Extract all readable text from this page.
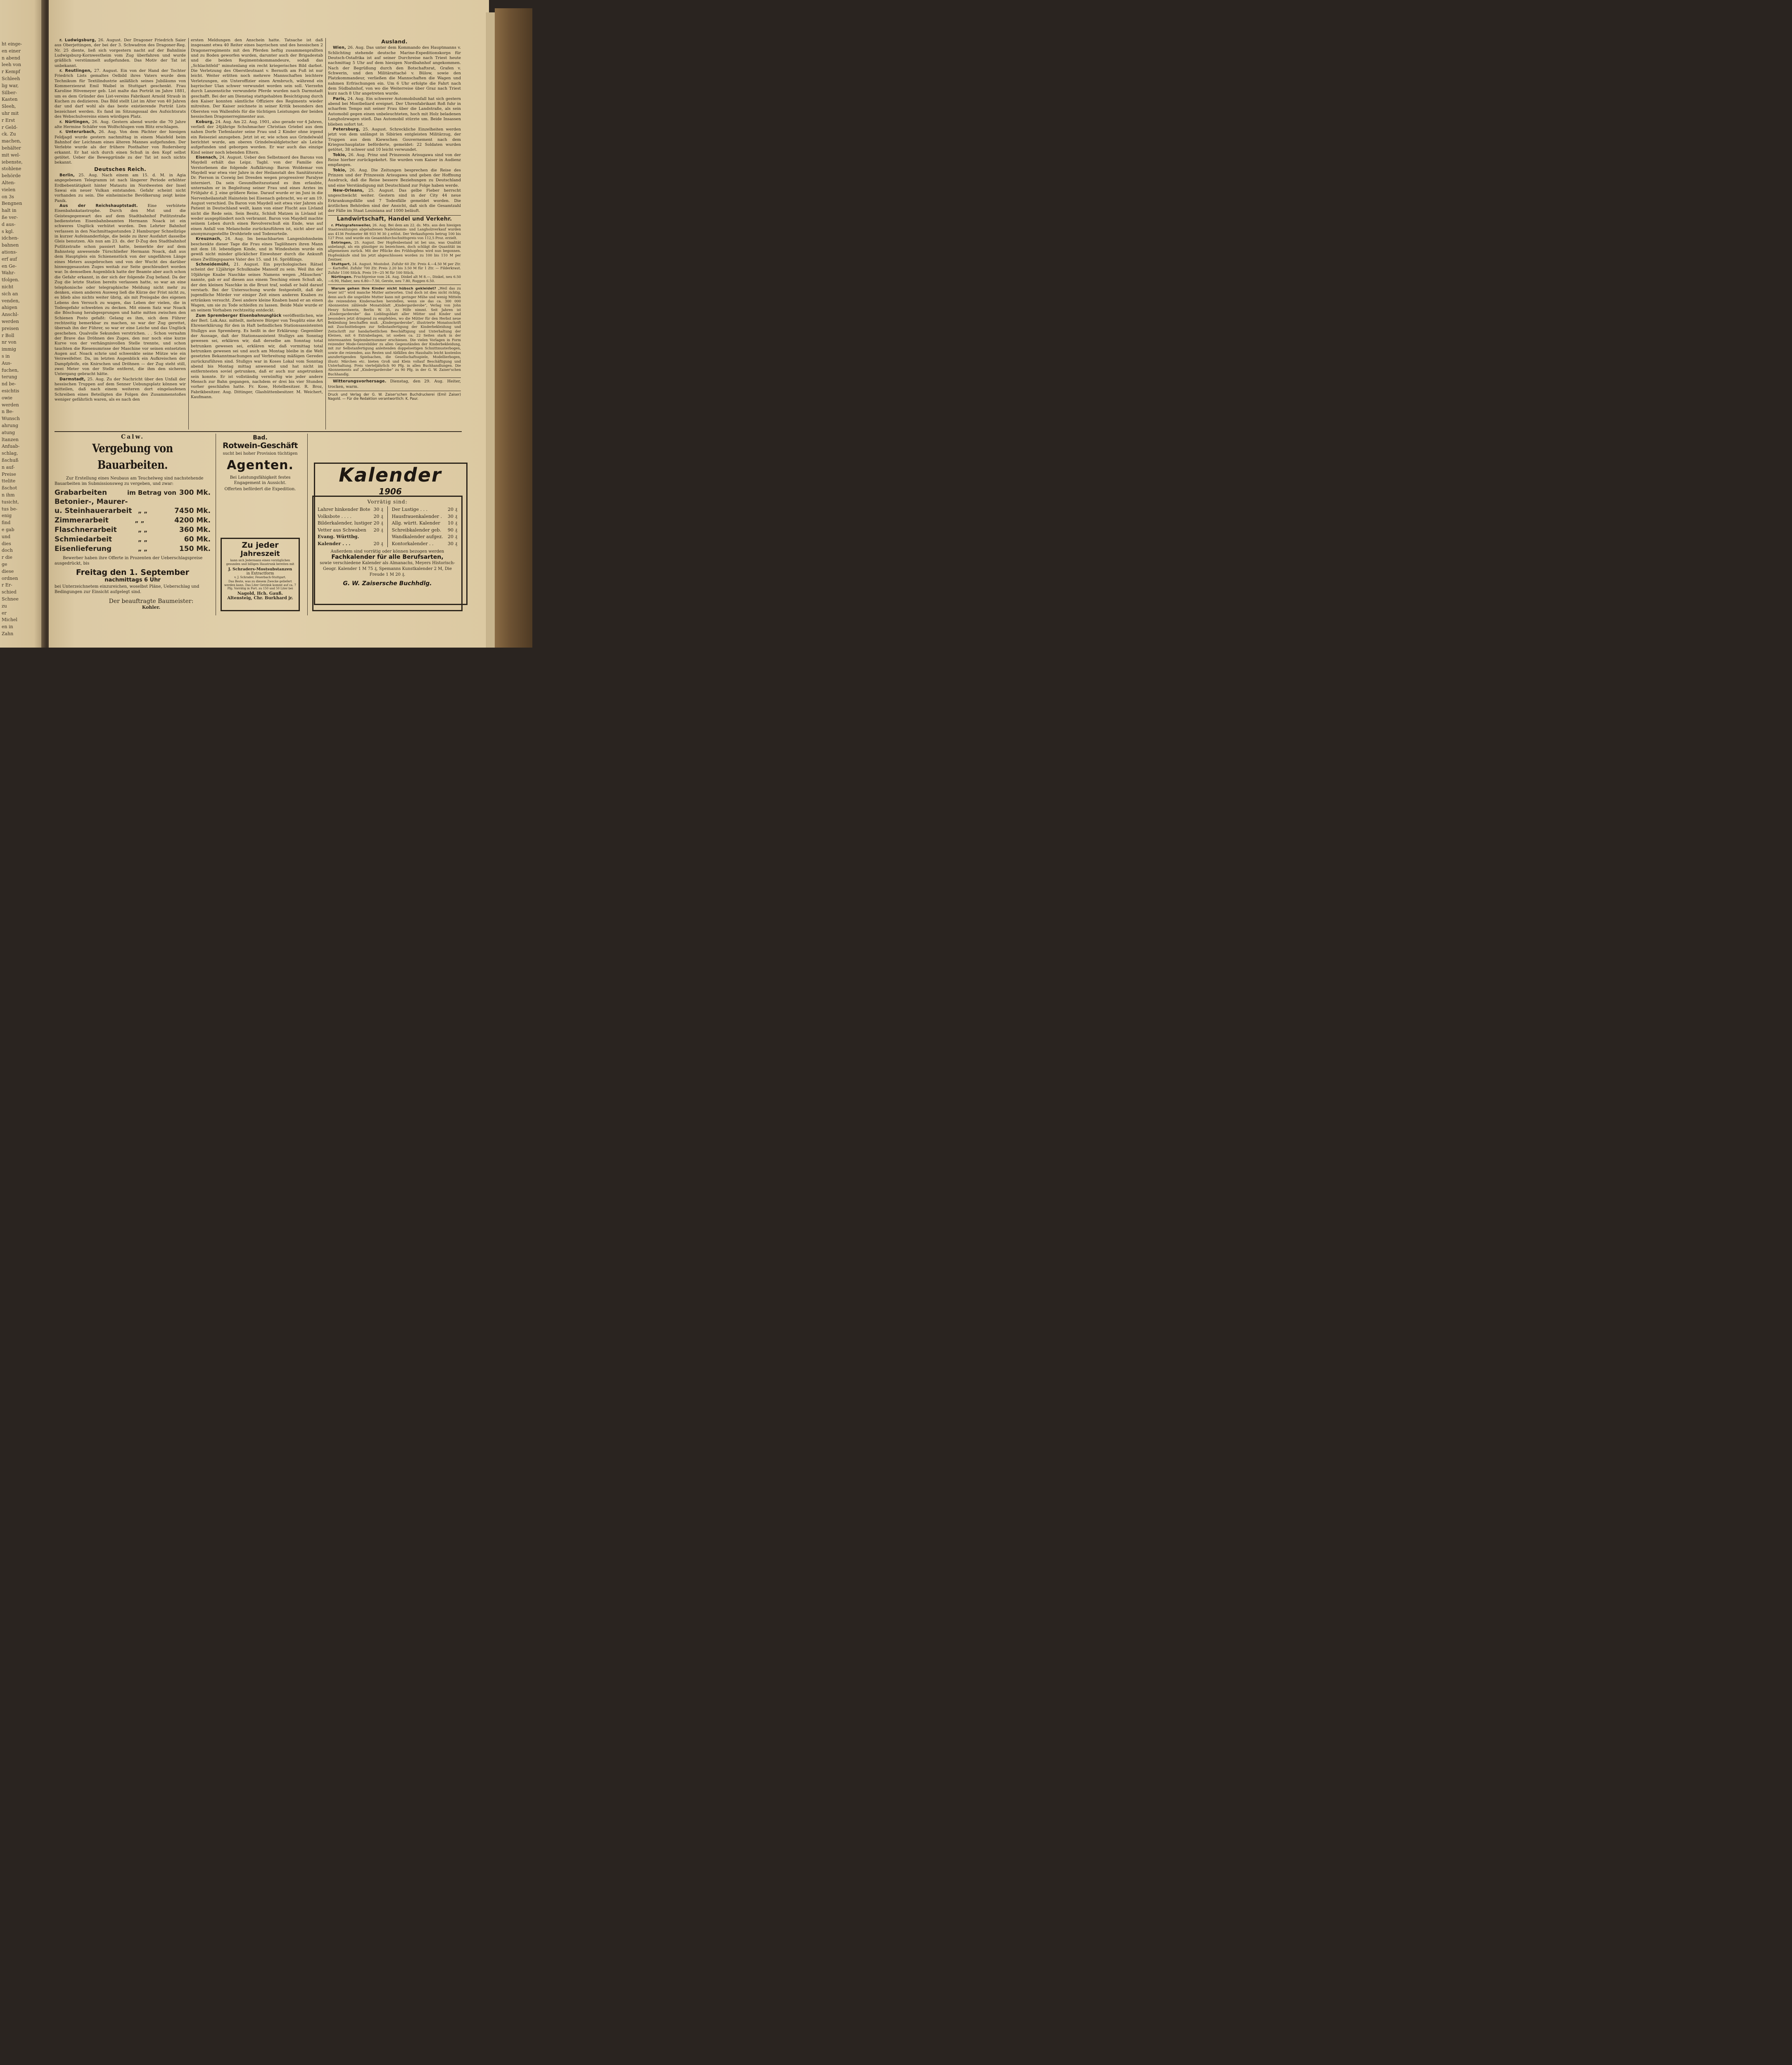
ht einge-
en einer
n abend
leeh von
r Kempf
Schleeh
lig war,
Silber-
Kasten
Sleeh,
uhr mit
r Erst
r Geld-
ck. Zu
machen,
behälter
mit wel-
iebenste,
stohlene
behörde
Alten-
vielen
on 3s
Bengnen
halt in
ße ver-
d aus-
s kgl.
idchen-
bahnen
ations-
erf auf
en Ge-
Wahr-
tfolgen.
nicht
sich an
venden,
ahigen
Anschl-
werden
preisen
r Boll
nr von
immig
s in
Aus-
fuchen,
terung
nd be-
esichtis
owie
werden
n Be-
Wunsch
ahrung
atung
ltanzen
Anfuab-
schlag,
ßschuß
n auf-
Preise
ttelite
ßschot
n ihm
tusicht,
tus be-
enig
find
e gab
und
dies
doch
r die
ge
diese
ordnen
r Er-
schied
Schnee
zu
er
Michel
en in
Zahn

r. Ludwigsburg, 26. August. Der Dragoner Friedrich Saier aus Oberjettingen, der bei der 3. Schwadron des Dragoner-Reg. Nr. 25 diente, ließ sich vorgestern nacht auf der Bahnlinie Ludwigsburg-Kornwestheim vom Zug überfahren und wurde gräßlich verstümmelt aufgefunden. Das Motiv der Tat ist unbekannt.

r. Reutlingen, 27. August. Ein von der Hand der Tochter Friedrich Lists gemaltes Oelbild ihres Vaters wurde dem Technikum für Textilindustrie anläßlich seines Jubiläums von Kommerzienrat Emil Waibel in Stuttgart geschenkt. Frau Karoline Hövemeyer geb. List malte das Porträt im Jahre 1881, um es dem Gründer des List-vereins Fabrikant Arnold Straub in Kuchen zu dedizieren. Das Bild stellt List im Alter von 40 Jahren dar und darf wohl als das beste existierende Porträt Lists bezeichnet werden. Es fand im Sitzungssaal des Aufsichtsrats des Webschulvereins einen würdigen Platz.

r. Nürtingen, 26. Aug. Gestern abend wurde die 70 Jahre alte Hermine Schäfer von Wolfschlugen vom Blitz erschlagen.

r. Unterurbach, 26. Aug. Von dem Pächter der hiesigen Feldjagd wurde gestern nachmittag in einem Maisfeld beim Bahnhof der Leichnam eines älteren Mannes aufgefunden. Der Verlebte wurde als der frühere Posthalter von Rudersberg erkannt. Er hat sich durch einen Schuß in den Kopf selbst getötet. Ueber die Beweggründe zu der Tat ist noch nichts bekannt.

Deutsches Reich.

Berlin, 25. Aug. Nach einem am 15. d. M. in Agia angegebenen Telegramm ist nach längerer Periode erhöhter Erdbebentätigkeit hinter Matautu im Nordwesten der Insel Sawai ein neuer Vulkan entstanden. Gefahr scheint nicht vorhanden zu sein. Die einheimische Bevölkerung zeigt keine Panik.

Aus der Reichshauptstadt. Eine verhütete Eisenbahnkatastrophe. Durch den Mut und die Geistesgegenwart des auf dem Stadtbahnhof Putlitzstraße bediensteten Eisenbahnbeamten Hermann Noack ist ein schweres Unglück verhütet worden. Den Lehrter Bahnhof verlassen in den Nachmittagsstunden 2 Hamburger Schnellzüge in kurzer Aufeinanderfolge, die beide zu ihrer Ausfahrt dasselbe Gleis benutzen. Als nun am 23. ds. der D-Zug den Stadtbahnhof Putlitzstraße schon passiert hatte, bemerkte der auf dem Bahnsteig anwesende Türschließer Hermann Noack, daß aus dem Hauptgleis ein Schienenstück von der ungefähren Länge eines Meters ausgebrochen und von der Wucht des darüber hinweggesausten Zuges weitab zur Seite geschleudert worden war. In demselben Augenblick hatte der Beamte aber auch schon die Gefahr erkannt, in der sich der folgende Zug befand. Da der Zug die letzte Station bereits verlassen hatte, so war an eine telephonische oder telegraphische Meldung nicht mehr zu denken, einen anderen Ausweg ließ die Kürze der Frist nicht zu, es blieb also nichts weiter übrig, als mit Preisgabe des eigenen Lebens den Versuch zu wagen, das Leben der vielen, die in Todesgefahr schwebten zu decken. Mit einem Satz war Noack die Böschung herabgesprungen und hatte mitten zwischen den Schienen Posto gefaßt: Gelang es ihm, sich dem Führer rechtzeitig bemerkbar zu machen, so war der Zug gerettet, übersah ihn der Führer, so war er eine Leiche und das Unglück geschehen. Qualvolle Sekunden verstrichen. . . Schon vernahm der Brave das Dröhnen des Zuges, den nur noch eine kurze Kurve von der verhängnisvollen Stelle trennte, und schon tauchten die Riesenumrisse der Maschine vor seinen entsetzten Augen auf. Noack schrie und schwenkte seine Mütze wie ein Verzweifelter. Da, im letzten Augenblick ein Aufkreischen der Dampfpfeife, ein Knirschen und Dröhnen — der Zug steht still, zwei Meter von der Stelle entfernt, die ihm den sicheren Untergang gebracht hätte.

Darmstadt, 25. Aug. Zu der Nachricht über den Unfall der hessischen Truppen auf dem Senner Uebungsplatz können wir mitteilen, daß nach einem weiteren dort eingelaufenen Schreiben eines Beteiligten die Folgen des Zusammenstoßes weniger gefährlich waren, als es nach den

ersten Meldungen den Anschein hatte. Tatsache ist daß insgesamt etwa 40 Reiter eines bayrischen und des hessischen 2 Dragonerregiments mit den Pferden heftig zusammenprallten und zu Boden geworfen wurden, darunter auch der Brigadestab und die beiden Regimentskommandeure, sodaß das „Schlachtfeld“ minutenlang ein recht kriegerisches Bild darbot. Die Verletzung des Oberstleutnant v. Bernuth am Fuß ist nur leicht. Weiter erlitten noch mehrere Mannschaften leichtere Verletzungen, ein Unteroffizier einen Armbruch, während ein bayrischer Ulan schwer verwundet worden sein soll. Vierzehn durch Lanzenstiche verwundete Pferde wurden nach Darmstadt geschafft. Bei der am Dienstag stattgehabten Besichtigung durch den Kaiser konnten sämtliche Offiziere des Regiments wieder mitreiten. Der Kaiser zeichnete in seiner Kritik besonders den Obersten von Wallenfels für die tüchtigen Leistungen der beiden hessischen Dragonerregimenter aus.

Koburg, 24. Aug. Am 22. Aug. 1901, also gerade vor 4 Jahren, verließ der 24jährige Schuhmacher Christian Griebel aus dem nahen Dorfe Tiefenlauter seine Frau und 2 Kinder ohne irgend ein Reiseziel anzugeben. Jetzt ist er, wie schon aus Grindelwald berichtet wurde, am oberen Grindelwaldgletscher als Leiche aufgefunden und geborgen worden. Er war auch das einzige Kind seiner noch lebenden Eltern.

Eisenach, 24. August. Ueber den Selbstmord des Barons von Maydell erhält das Leipz. Tagbl. von der Familie des Verstorbenen die folgende Aufklärung: Baron Woldemar von Maydell war etwa vier Jahre in der Heilanstalt des Sanitätsrates Dr. Pierson in Coswig bei Dresden wegen progressiver Paralyse interniert. Da sein Gesundheitszustand es ihm erlaubte, unternahm er in Begleitung seiner Frau und eines Arztes im Frühjahr d. J. eine größere Reise. Darauf wurde er im Juni in die Nervenheilanstalt Hainstein bei Eisenach gebracht, wo er am 19. August verschied. Da Baron von Maydell seit etwa vier Jahren als Patient in Deutschland weilt, kann von einer Flucht aus Livland nicht die Rede sein. Sein Besitz, Schloß Matzen in Livland ist weder ausgeplündert noch verbrannt. Baron von Maydell machte seinem Leben durch einen Revolverschuß ein Ende, was auf einen Anfall von Melancholie zurückzuführen ist, nicht aber auf anonymzugestellte Drohbriefe und Todesurteile.

Kreuznach, 24. Aug. Im benachbarten Langenlohnsheim beschenkte dieser Tage die Frau eines Taglöhners ihren Mann mit dem 18. lebendigen Kinde, und in Windesheim wurde ein gewiß nicht minder glücklicher Einwohner durch die Ankunft eines Zwillingspaares Vater des 15. und 16. Sprößlings.

Schneidemühl, 21. August. Ein psychologisches Rätsel scheint der 12jährige Schulknabe Mansolf zu sein. Weil ihn der 10jährige Knabe Naschke seines Namens wegen „Mäuschen“ nannte, gab er auf diesen aus einem Tesching einen Schuß ab, der den kleinen Naschke in die Brust traf, sodaß er bald darauf verstarb. Bei der Untersuchung wurde festgestellt, daß der jugendliche Mörder vor einiger Zeit einen anderen Knaben zu ertränken versucht. Zwei andere kleine Knaben band er an einen Wagen, um sie zu Tode schleifen zu lassen. Beide Male wurde er an seinem Vorhaben rechtzeitig entdeckt.

Zum Spremberger Eisenbahnunglück veröffentlichen, wie der Berl. Lok.Anz. mitteilt, mehrere Bürger von Teuplitz eine Art Ehrenerklärung für den in Haft befindlichen Stationsassistenten Stullgys aus Spremberg. Es heißt in der Erklärung: Gegenüber der Aussage, daß der Stationsassistent Stullgys am Sonntag gewesen sei, erklären wir, daß derselbe am Sonntag total betrunken gewesen sei, erklären wir, daß vormittag total betrunken gewesen sei und auch am Montag bleibe in die Welt gesetzten Bekanntmachungen auf Verbreitung mäßigen Geredes zurückzuführen sind. Stullgys war in Koses Lokal vom Sonntag abend bis Montag mittag anwesend und hat nicht im entferntesten soviel getrunken, daß er auch nur angetrunken sein konnte. Er ist vollständig vernünftig wie jeder andere Mensch zur Bahn gegangen, nachdem er drei bis vier Stunden vorher geschlafen hatte. Fr. Kose, Hotelbesitzer. R. Broz, Fabrikbesitzer. Aug. Dittinger, Glashüttenbesitzer. M. Weichert, Kaufmann.

Ausland.

Wien, 26. Aug. Das unter dem Kommando des Hauptmanns v. Schlichting stehende deutsche Marine-Expeditionskorps für Deutsch-Ostafrika ist auf seiner Durchreise nach Triest heute nachmittag 5 Uhr auf dem hiesigen Nordbahnhof angekommen. Nach der Begrüßung durch den Botschaftsrat, Grafen v. Schwerin, und den Militärattaché v. Bülow, sowie den Platzkommandeur, verließen die Mannschaften die Wagen und nahmen Erfrischungen ein. Um 6 Uhr erfolgte die Fahrt nach dem Südbahnhof, von wo die Weiterreise über Graz nach Triest kurz nach 8 Uhr angetreten wurde.

Paris, 24. Aug. Ein schwerer Automobilunfall hat sich gestern abend bei Montbeliard ereignet. Der Uhrenfabrikant Roß fuhr in scharfem Tempo mit seiner Frau über die Landstraße, als sein Automobil gegen einen unbeleuchteten, hoch mit Holz beladenen Langholzwagen stieß. Das Automobil stürzte um. Beide Insassen blieben sofort tot.

Petersburg, 25. August. Schreckliche Einzelheiten werden jetzt von dem unlängst in Sibirien entgleisten Militärzug, der Truppen aus dem Kiewschen Gouvernement nach dem Kriegsschauplatze beförderte, gemeldet: 22 Soldaten wurden getötet, 38 schwer und 10 leicht verwundet.

Tokio, 26. Aug. Prinz und Prinzessin Arisugawa sind von der Reise hierher zurückgekehrt. Sie wurden vom Kaiser in Audienz empfangen.

Tokio, 26. Aug. Die Zeitungen besprechen die Reise des Prinzen und der Prinzessin Arisugawa und geben der Hoffnung Ausdruck, daß die Reise bessere Beziehungen zu Deutschland und eine Verständigung mit Deutschland zur Folge haben werde.

New-Orleans, 25. August. Das gelbe Fieber herrscht ungeschwächt weiter. Gestern sind in der City 44 neue Erkrankungsfälle und 7 Todesfälle gemeldet worden. Die ärztlichen Behörden sind der Ansicht, daß sich die Gesamtzahl der Fälle im Staat Louisiana auf 1000 beläuft.

Landwirtschaft, Handel und Verkehr.

r. Pfalzgrafenweiler, 26. Aug. Bei dem am 22. ds. Mts. aus den hiesigen Staatswaldungen abgehaltenen Nadelstamm- und Langholzverkauf wurden aus 4136 Festmeter 88 933 M 30 ₰ erlöst. Der Verkaufspreis betrug 100 bis 127 Proz. und wurde ein Gesamtdurchschnittspreis von 112,5 Proz. erzielt.

Entringen, 25. August. Der Hopfenbestand ist bei uns, was Qualität anbelangt, als ein günstiger zu bezeichnen, doch schlägt die Quantität im allgemeinen zurück. Mit der Pflücke des Frühhopfens wird nun begonnen. Hopfenkäufe sind bis jetzt abgeschlossen worden zu 100 bis 110 M per Zentner.

Stuttgart, 24. August. Mostobst. Zufuhr 60 Ztr. Preis 4.—4.50 M per Ztr. — Kartoffel. Zufuhr 700 Ztr. Preis 2.20 bis 3.50 M für 1 Ztr. — Filderkraut. Zufuhr 1100 Stück. Preis 19—25 M für 100 Stück.

Nürtingen. Fruchtpreise vom 24. Aug. Dinkel alt M 8.—, Dinkel, neu 6.50—6.90, Haber, neu 6.80—7.50, Gerste, neu 7.80, Roggen 6.50.

Warum gehen Ihre Kinder nicht hübsch gekleidet? „Weil das zu teuer ist!“ wird manche Mutter antworten. Und doch ist dies nicht richtig, denn auch die ungeübte Mutter kann mit geringer Mühe und wenig Mitteln die reizendsten Kindersachen herstellen, wenn sie das ca. 300 000 Abonnenten zählende Monatsblatt „Kindergarderobe“, Verlag von John Henry Schwerin, Berlin W. 35, zu Hilfe nimmt. Seit Jahren ist „Kindergarderobe“ das Lieblingsblatt aller Mütter und Kinder und besonders jetzt dringend zu empfehlen, wo die Mütter für den Herbst neue Bekleidung beschaffen muß. „Kindergarderobe“, illustrierte Monatsschrift mit Zuschnittebogen zur Selbstanfertigung der Kinderbekleidung und Zeitschrift zur handarbeitlichen Beschäftigung und Unterhaltung der Kleinen, mit 6 Extrabeilagen, ist soeben ca. 22 Seiten stark in der interessanten Septembernummer erschienen. Die vielen Vorlagen in Form reizender Mode-Genrebilder zu allen Gegenständen der Kinderbekleidung, mit zur Selbstanfertigung anleitenden doppelseitigen Schnittmusterbogen, sowie die reizenden, aus Resten und Abfällen des Haushalts leicht kostenlos anzufertigenden Spielsachen, die Gesellschaftsspiele, Modellierbogen, illustr. Märchen etc. bieten Groß und Klein vollauf Beschäftigung und Unterhaltung. Preis vierteljährlich 90 Pfg. in allen Buchhandlungen. Die Abonnements auf „Kindergarderobe“ zu 90 Pfg. in der G. W. Zaiser'schen Buchhandlg.

Witterungsvorhersage. Dienstag, den 29. Aug. Heiter, trocken, warm.

Druck und Verlag der G. W. Zaiser'schen Buchdruckerei (Emil Zaiser) Nagold. — Für die Redaktion verantwortlich: K. Paur.
Calw.
Vergebung von Bauarbeiten.
Zur Erstellung eines Neubaus am Teuchelweg sind nachstehende Bauarbeiten im Submissionsweg zu vergeben, und zwar:
Grabarbeiten	im Betrag von 300 Mk.
Betonier-, Maurer-
u. Steinhauerarbeit	„ „	7450 Mk.
Zimmerarbeit	„ „	4200 Mk.
Flaschnerarbeit	„ „	360 Mk.
Schmiedarbeit	„ „	60 Mk.
Eisenlieferung	„ „	150 Mk.
Bewerber haben ihre Offerte in Prozenten der Ueberschlagspreise ausgedrückt, bis
Freitag den 1. September
nachmittags 6 Uhr
bei Unterzeichnetem einzureichen, woselbst Pläne, Ueberschlag und Bedingungen zur Einsicht aufgelegt sind.
Der beauftragte Baumeister:
Kohler.
Bad.
Rotwein-Geschäft
sucht bei hoher Provision tüchtigen
Agenten.
Bei Leistungsfähigkeit festes Engagement in Aussicht.
Offerten befördert die Expedition.
Zu jeder
Jahreszeit
kann sich Jedermann einen vorzüglichen gesunden und billigen Haustrunk bereiten mit
J. Schraders-Mostsubstanzen
in Extractform
v. J. Schrader, Feuerbach-Stuttgart.
Das Beste, was zu diesem Zwecke geliefert werden kann. Das Liter Getränk kommt auf ca. 7 Pfg. Vorrätig in Port. zu 150 und 50 Liter bei
Nagold, Hch. Gauß.
Altensteig, Chr. Burkhard jr.
Kalender
1906
Vorrätig sind:
Lahrer hinkender Bote 30 ₰
Volksbote . . . .	20 ₰
Bilderkalender, lustiger 20 ₰
Vetter aus Schwaben 20 ₰
Evang. Württbg.
Kalender . . .	20 ₰
Der Lustige . . .	20 ₰
Hausfrauenkalender . 30 ₰
Allg. württ. Kalender 10 ₰
Schreibkalender geb. 90 ₰
Wandkalender aufgez. 20 ₰
Kontorkalender . .	30 ₰
Außerdem sind vorrätig oder können bezogen werden
Fachkalender für alle Berufsarten,
sowie verschiedene Kalender als Almanachs, Meyers Historisch-Geogr. Kalender 1 M 75 ₰, Spemanns Kunstkalender 2 M, Die Freude 1 M 20 ₰.
G. W. Zaisersche Buchhdlg.
